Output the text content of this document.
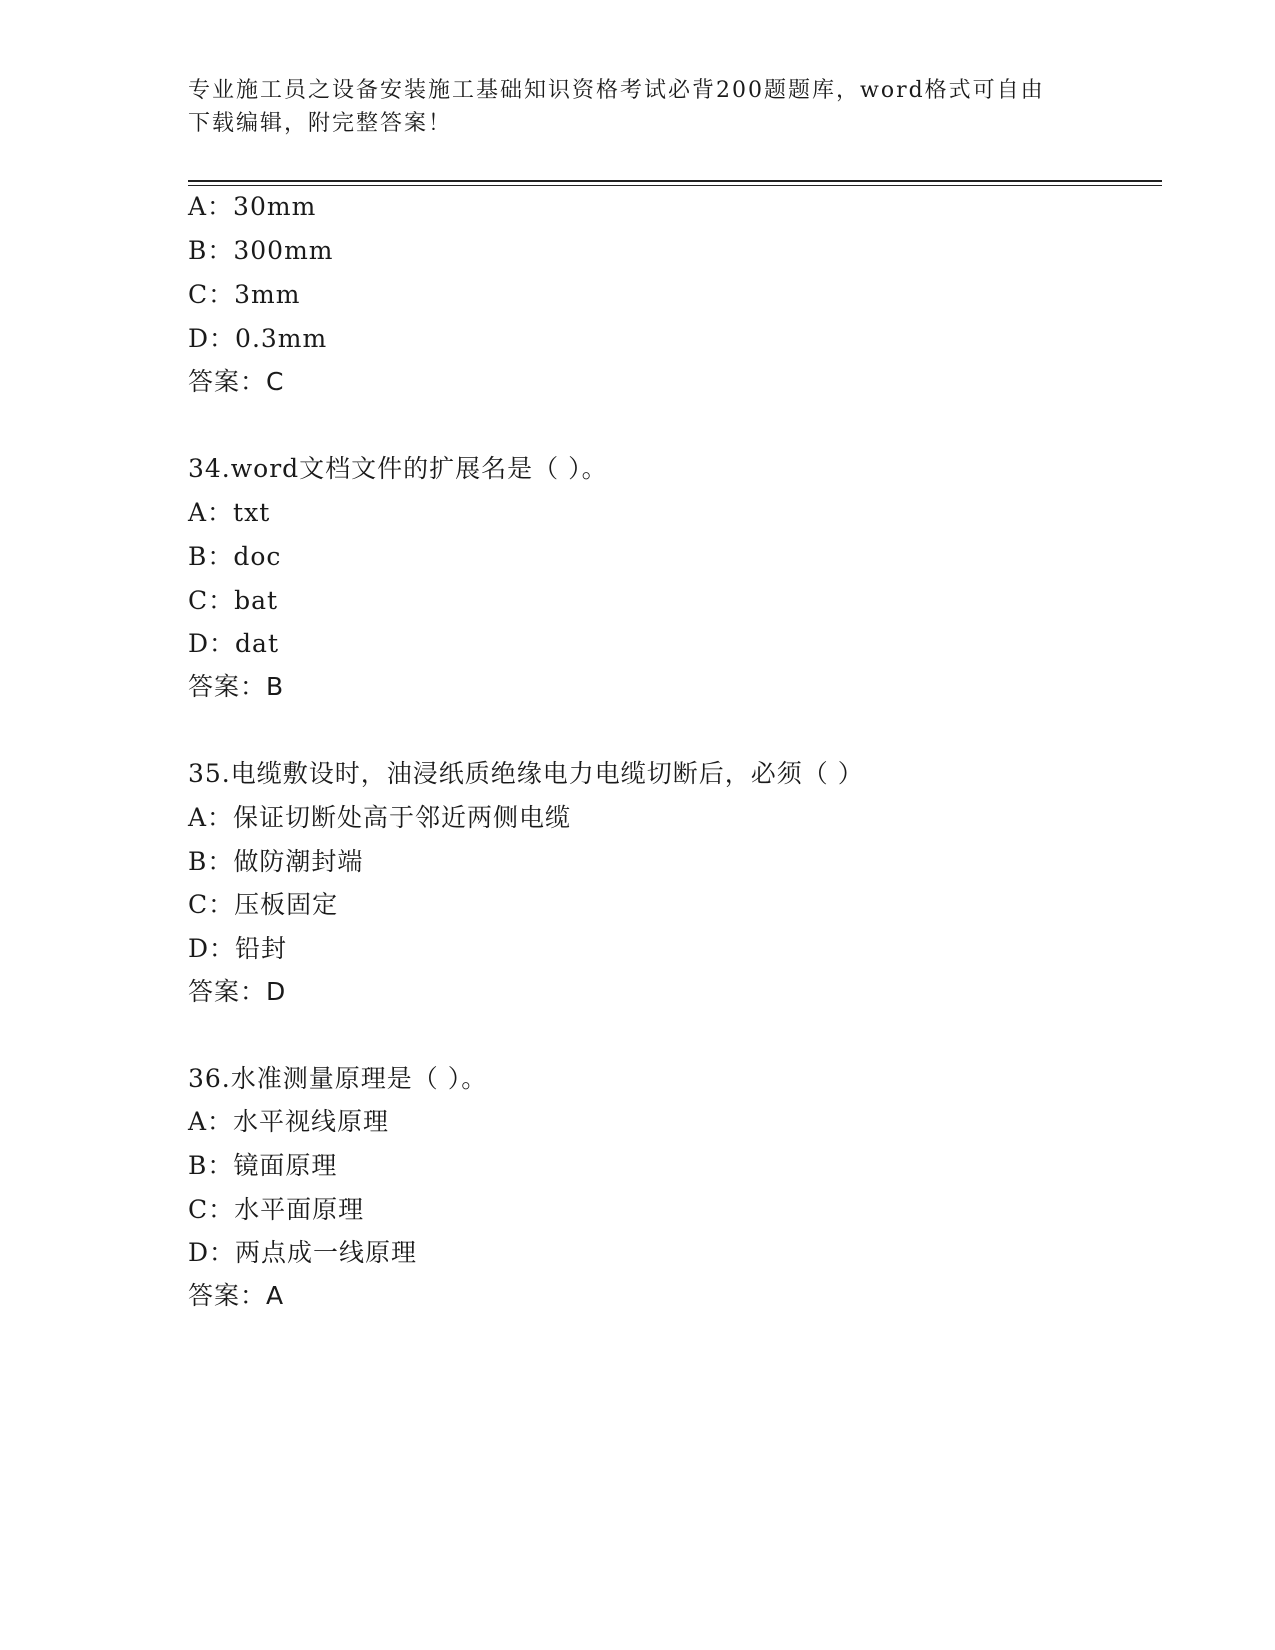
专业施工员之设备安装施工基础知识资格考试必背200题题库，word格式可自由
下载编辑，附完整答案！
A：30mm
B：300mm
C：3mm
D：0.3mm
答案：C
34.word文档文件的扩展名是（ ）。
A：txt
B：doc
C：bat
D：dat
答案：B
35.电缆敷设时，油浸纸质绝缘电力电缆切断后，必须（ ）
A：保证切断处高于邻近两侧电缆
B：做防潮封端
C：压板固定
D：铅封
答案：D
36.水准测量原理是（ ）。
A：水平视线原理
B：镜面原理
C：水平面原理
D：两点成一线原理
答案：A
